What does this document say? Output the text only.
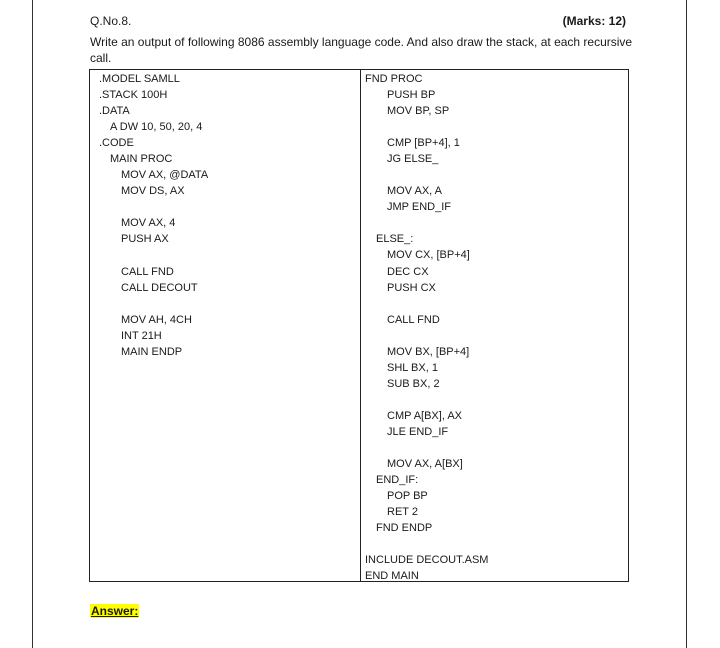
Q.No.8.	(Marks: 12)
Write an output of following 8086 assembly language code. And also draw the stack, at each recursive call.
.MODEL SAMLL
.STACK 100H
.DATA
A DW 10, 50, 20, 4
.CODE
MAIN PROC
MOV AX, @DATA
MOV DS, AX
MOV AX, 4
PUSH AX
CALL FND
CALL DECOUT
MOV AH, 4CH
INT 21H
MAIN ENDP
FND PROC
PUSH BP
MOV BP, SP
CMP [BP+4], 1
JG ELSE_
MOV AX, A
JMP END_IF
ELSE_:
MOV CX, [BP+4]
DEC CX
PUSH CX
CALL FND
MOV BX, [BP+4]
SHL BX, 1
SUB BX, 2
CMP A[BX], AX
JLE END_IF
MOV AX, A[BX]
END_IF:
POP BP
RET 2
FND ENDP
INCLUDE DECOUT.ASM
END MAIN
Answer:
